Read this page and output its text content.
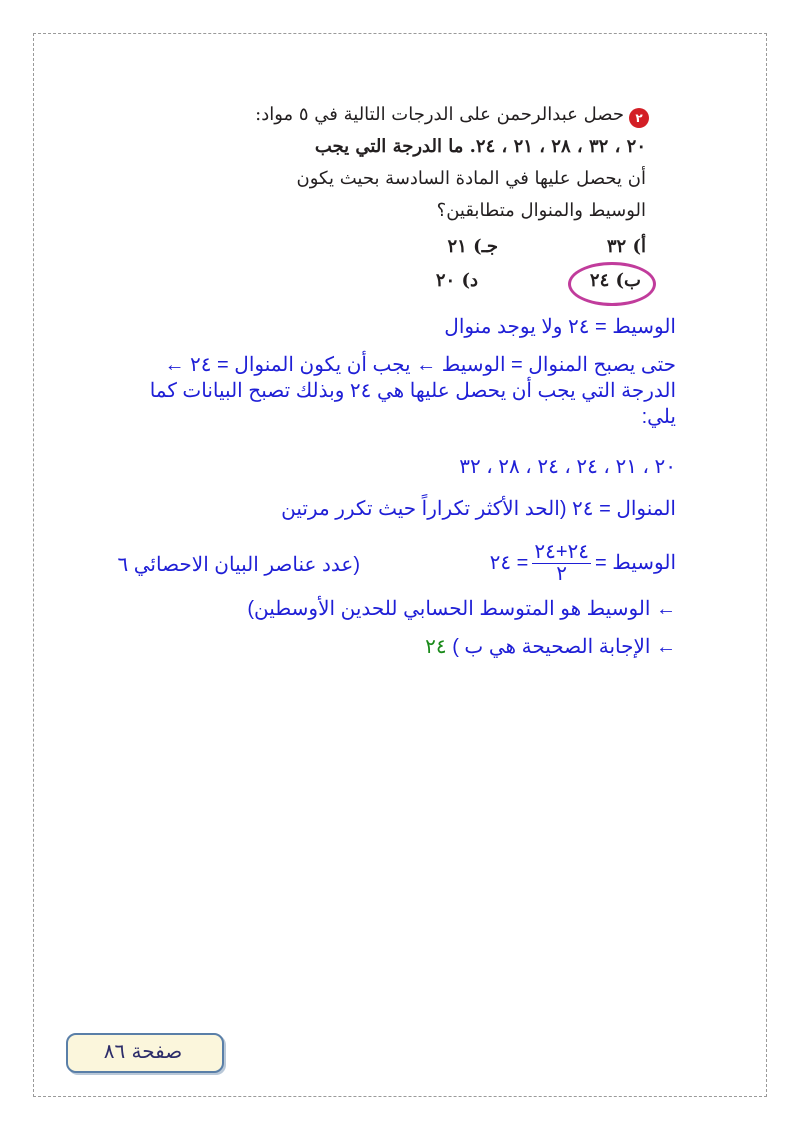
٢
حصل عبدالرحمن على الدرجات التالية في ٥ مواد:
٢٠ ، ٣٢ ، ٢٨ ، ٢١ ، ٢٤. ما الدرجة التي يجب
أن يحصل عليها في المادة السادسة بحيث يكون
الوسيط والمنوال متطابقين؟
أ) ٣٢
جـ) ٢١
ب) ٢٤
د) ٢٠
الوسيط = ٢٤ ولا يوجد منوال
حتى يصبح المنوال = الوسيط ← يجب أن يكون المنوال = ٢٤ ←
الدرجة التي يجب أن يحصل عليها هي ٢٤ وبذلك تصبح البيانات كما
يلي:
٢٠ ، ٢١ ، ٢٤ ، ٢٤ ، ٢٨ ، ٣٢
المنوال = ٢٤ (الحد الأكثر تكراراً حيث تكرر مرتين
الوسيط =
$\frac{٢٤+٢٤}{٢}$
= ٢٤
(عدد عناصر البيان الاحصائي ٦
← الوسيط هو المتوسط الحسابي للحدين الأوسطين)
← الإجابة الصحيحة هي ب ) ٢٤
صفحة ٨٦
